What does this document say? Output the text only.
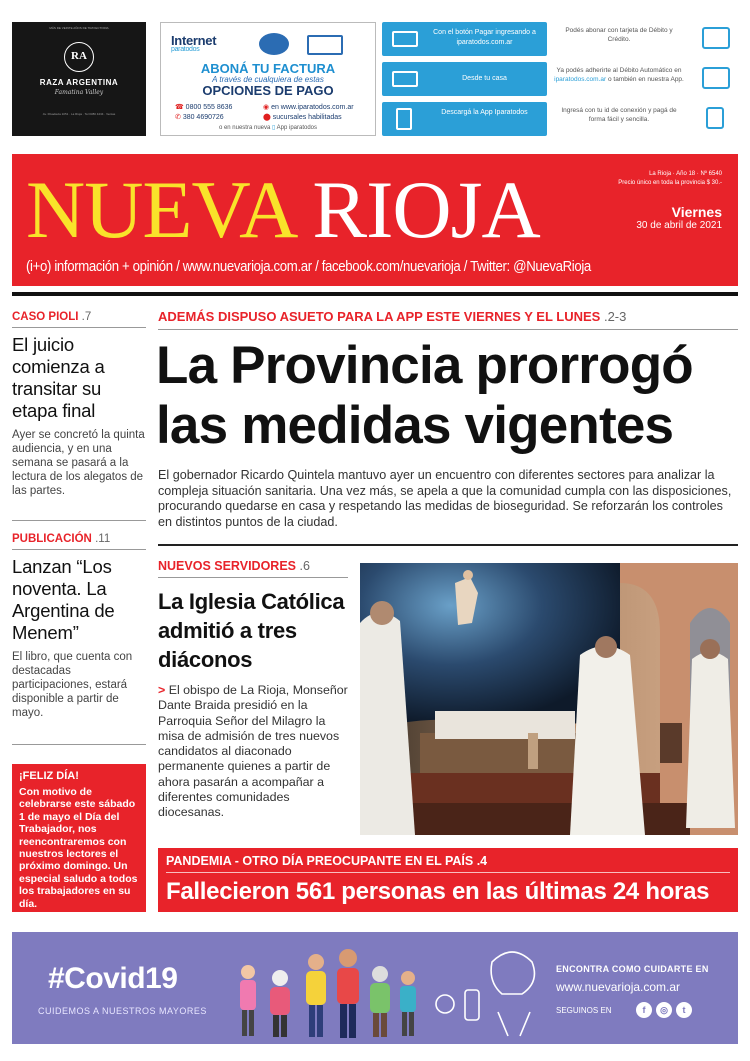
MÁS DE VEINTE AÑOS DE TRAYECTORIA
RA
RAZA ARGENTINA
Famatina Valley
Av. Rivadavia 1051 · La Rioja · Tel 0380 4434 · Ventas
Internet
paratodos
ABONÁ TU FACTURA
A través de cualquiera de estas
OPCIONES DE PAGO
☎ 0800 555 8636
✆ 380 4690726
◉ en www.iparatodos.com.ar
⬤ sucursales habilitadas
o en nuestra nueva ▯ App iparatodos
Con el botón Pagar ingresando a iparatodos.com.ar
Podés abonar con tarjeta de Débito y Crédito.
Desde tu casa
Ya podés adherirte al Débito Automático en iparatodos.com.ar o también en nuestra App.
Descargá la App Iparatodos	Ingresá con tu id de conexión y pagá de forma fácil y sencilla.
NUEVA RIOJA	La Rioja · Año 18 · Nº 6540
Precio único en toda la provincia $ 30.-
Viernes
30 de abril de 2021
(i+o) información + opinión / www.nuevarioja.com.ar / facebook.com/nuevarioja / Twitter: @NuevaRioja
CASO PIOLI .7
El juicio comienza a transitar su etapa final
Ayer se concretó la quinta audiencia, y en una semana se pasará a la lectura de los alegatos de las partes.
PUBLICACIÓN .11
Lanzan “Los noventa. La Argentina de Menem”
El libro, que cuenta con destacadas participaciones, estará disponible a partir de mayo.
¡FELIZ DÍA!
Con motivo de celebrarse este sábado 1 de mayo el Día del Trabajador, nos reencontraremos con nuestros lectores el próximo domingo. Un especial saludo a todos los trabajadores en su día.
ADEMÁS DISPUSO ASUETO PARA LA APP ESTE VIERNES Y EL LUNES .2-3
La Provincia prorrogó
las medidas vigentes
El gobernador Ricardo Quintela mantuvo ayer un encuentro con diferentes sectores para analizar la compleja situación sanitaria. Una vez más, se apela a que la comunidad cumpla con las disposiciones, procurando quedarse en casa y respetando las medidas de bioseguridad. Se reforzarán los controles en distintos puntos de la ciudad.
NUEVOS SERVIDORES .6
La Iglesia Católica admitió a tres diáconos
> El obispo de La Rioja, Monseñor Dante Braida presidió en la Parroquia Señor del Milagro la misa de admisión de tres nuevos candidatos al diaconado permanente quienes a partir de ahora pasarán a acompañar a diferentes comunidades diocesanas.
PANDEMIA - OTRO DÍA PREOCUPANTE EN EL PAÍS .4
Fallecieron 561 personas en las últimas 24 horas
#Covid19
CUIDEMOS A NUESTROS MAYORES
ENCONTRA COMO CUIDARTE EN
www.nuevarioja.com.ar
SEGUINOS EN	f	◎	t
